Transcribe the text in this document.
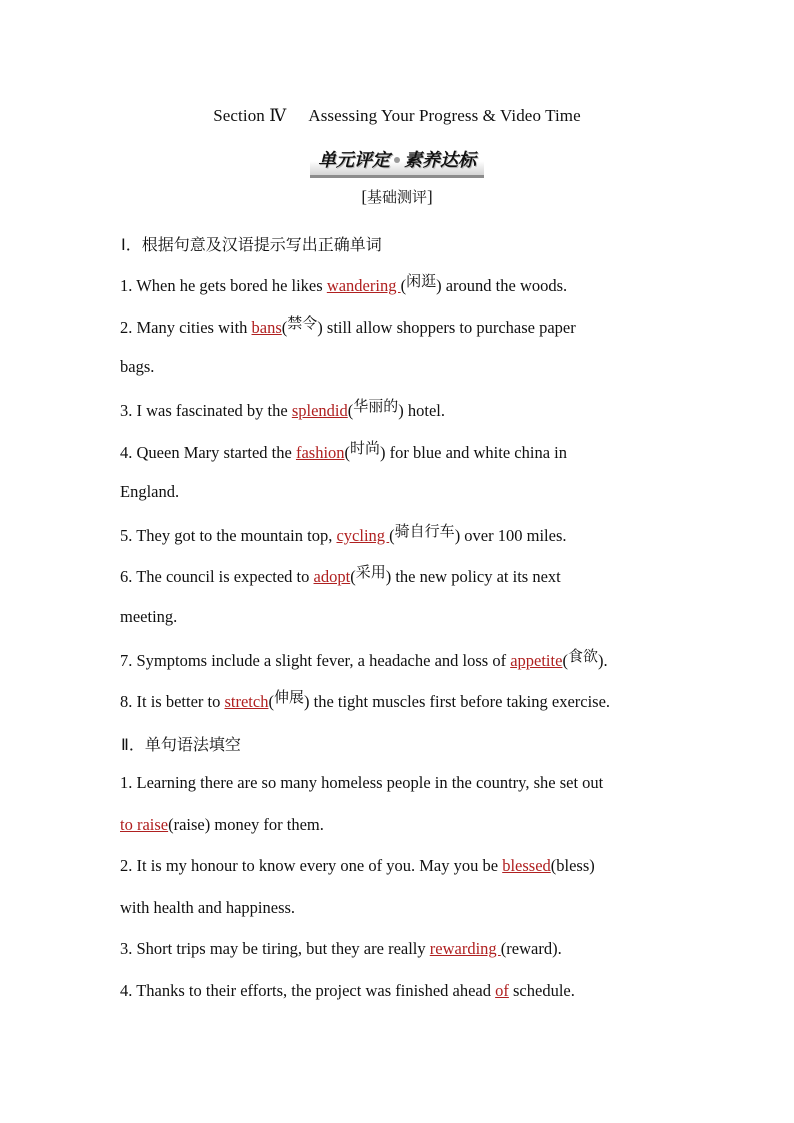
Section Ⅳ Assessing Your Progress & Video Time
单元评定 素养达标
[基础测评]
Ⅰ．根据句意及汉语提示写出正确单词
1. When he gets bored he likes wandering (闲逛) around the woods.
2. Many cities with bans(禁令) still allow shoppers to purchase paper
bags.
3. I was fascinated by the splendid(华丽的) hotel.
4. Queen Mary started the fashion(时尚) for blue and white china in
England.
5. They got to the mountain top, cycling (骑自行车) over 100 miles.
6. The council is expected to adopt(采用) the new policy at its next
meeting.
7. Symptoms include a slight fever, a headache and loss of appetite(食欲).
8. It is better to stretch(伸展) the tight muscles first before taking exercise.
Ⅱ．单句语法填空
1. Learning there are so many homeless people in the country, she set out
to raise(raise) money for them.
2. It is my honour to know every one of you. May you be blessed(bless)
with health and happiness.
3. Short trips may be tiring, but they are really rewarding (reward).
4. Thanks to their efforts, the project was finished ahead of schedule.
